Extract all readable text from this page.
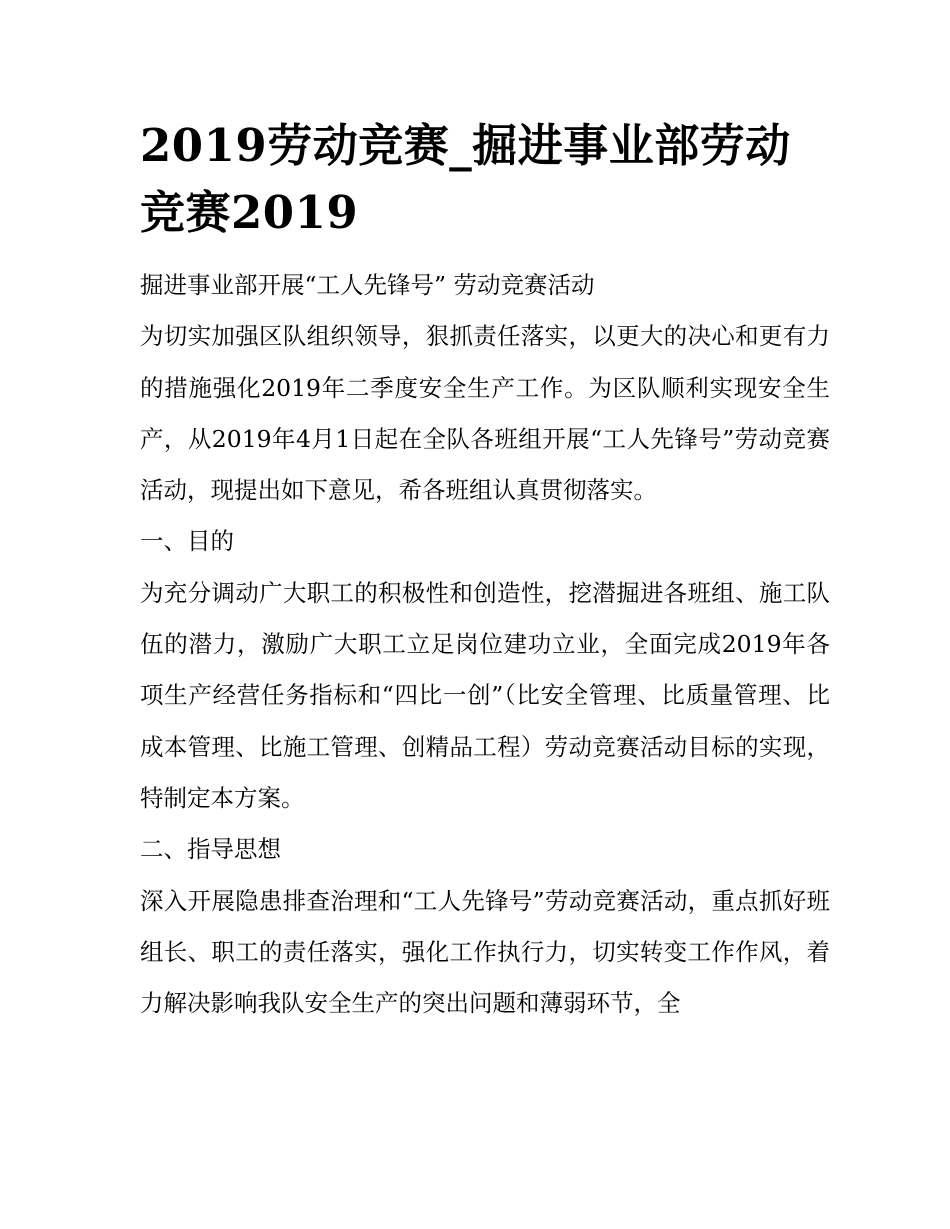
2019劳动竞赛_掘进事业部劳动竞赛2019

掘进事业部开展“工人先锋号” 劳动竞赛活动

为切实加强区队组织领导，狠抓责任落实，以更大的决心和更有力的措施强化2019年二季度安全生产工作。为区队顺利实现安全生产，从2019年4月1日起在全队各班组开展“工人先锋号”劳动竞赛活动，现提出如下意见，希各班组认真贯彻落实。

一、目的

为充分调动广大职工的积极性和创造性，挖潜掘进各班组、施工队伍的潜力，激励广大职工立足岗位建功立业，全面完成2019年各项生产经营任务指标和“四比一创”（比安全管理、比质量管理、比成本管理、比施工管理、创精品工程）劳动竞赛活动目标的实现，特制定本方案。

二、指导思想

深入开展隐患排查治理和“工人先锋号”劳动竞赛活动，重点抓好班组长、职工的责任落实，强化工作执行力，切实转变工作作风，着力解决影响我队安全生产的突出问题和薄弱环节，全
